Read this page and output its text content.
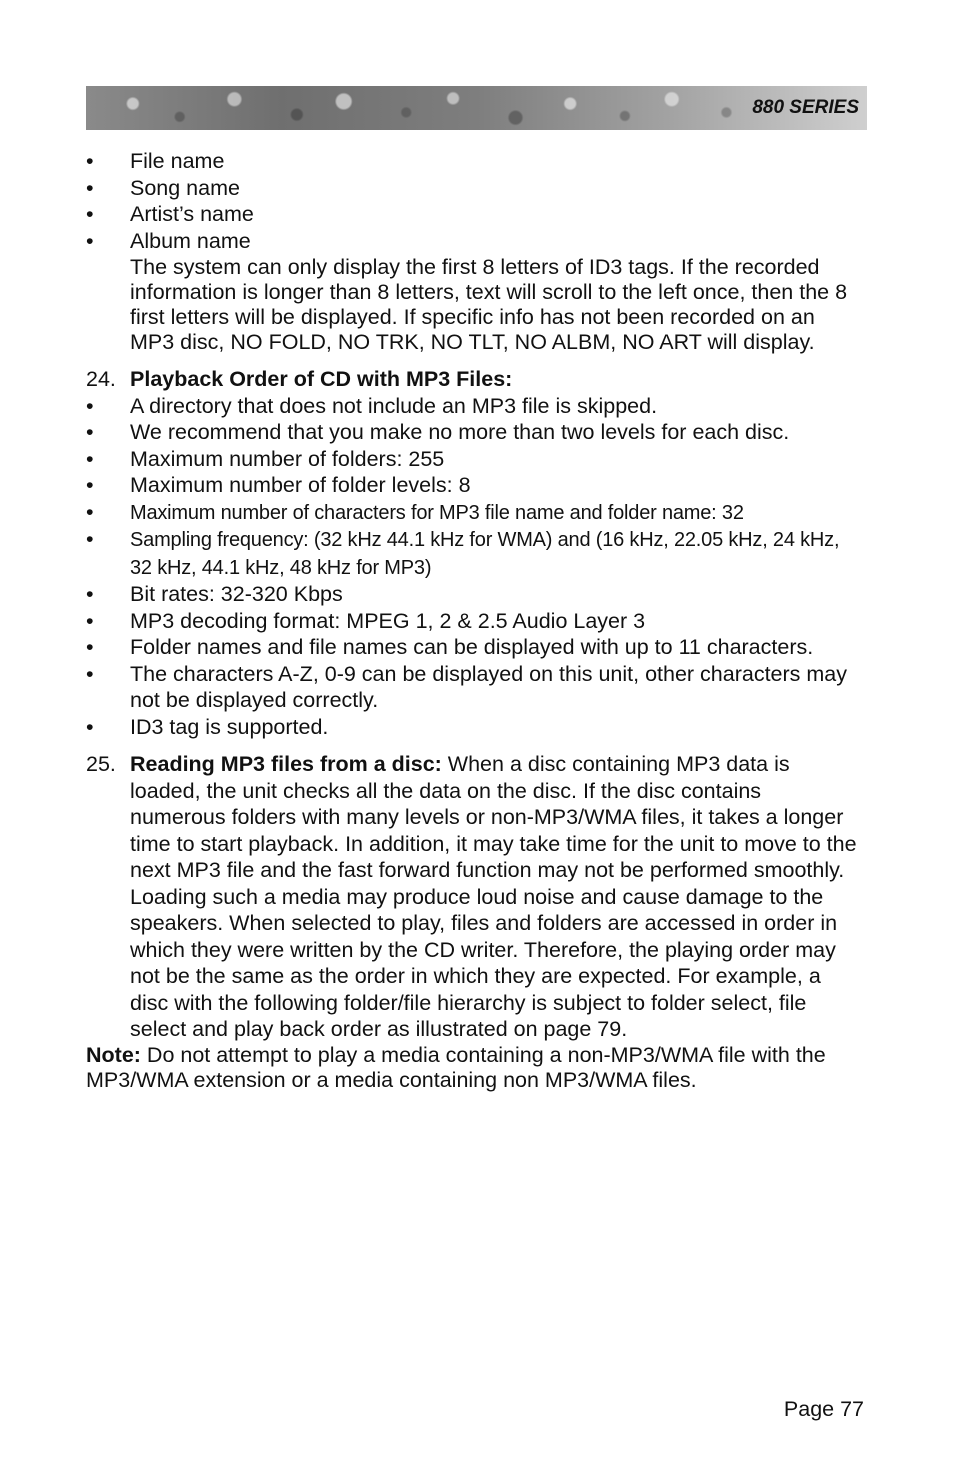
880 SERIES
• File name
• Song name
• Artist’s name
• Album name
The system can only display the first 8 letters of ID3 tags. If the recorded information is longer than 8 letters, text will scroll to the left once, then the 8 first letters will be displayed. If specific info has not been recorded on an MP3 disc, NO FOLD, NO TRK, NO TLT, NO ALBM, NO ART will display.
24. Playback Order of CD with MP3 Files:
• A directory that does not include an MP3 file is skipped.
• We recommend that you make no more than two levels for each disc.
• Maximum number of folders: 255
• Maximum number of folder levels: 8
• Maximum number of characters for MP3 file name and folder name: 32
• Sampling frequency: (32 kHz 44.1 kHz for WMA) and (16 kHz, 22.05 kHz, 24 kHz, 32 kHz, 44.1 kHz, 48 kHz for MP3)
• Bit rates: 32-320 Kbps
• MP3 decoding format: MPEG 1, 2 & 2.5 Audio Layer 3
• Folder names and file names can be displayed with up to 11 characters.
• The characters A-Z, 0-9 can be displayed on this unit, other characters may not be displayed correctly.
• ID3 tag is supported.
25. Reading MP3 files from a disc: When a disc containing MP3 data is loaded, the unit checks all the data on the disc. If the disc contains numerous folders with many levels or non-MP3/WMA files, it takes a longer time to start playback. In addition, it may take time for the unit to move to the next MP3 file and the fast forward function may not be performed smoothly. Loading such a media may produce loud noise and cause damage to the speakers. When selected to play, files and folders are accessed in order in which they were written by the CD writer. Therefore, the playing order may not be the same as the order in which they are expected. For example, a disc with the following folder/file hierarchy is subject to folder select, file select and play back order as illustrated on page 79.
Note: Do not attempt to play a media containing a non-MP3/WMA file with the MP3/WMA extension or a media containing non MP3/WMA files.
Page 77
